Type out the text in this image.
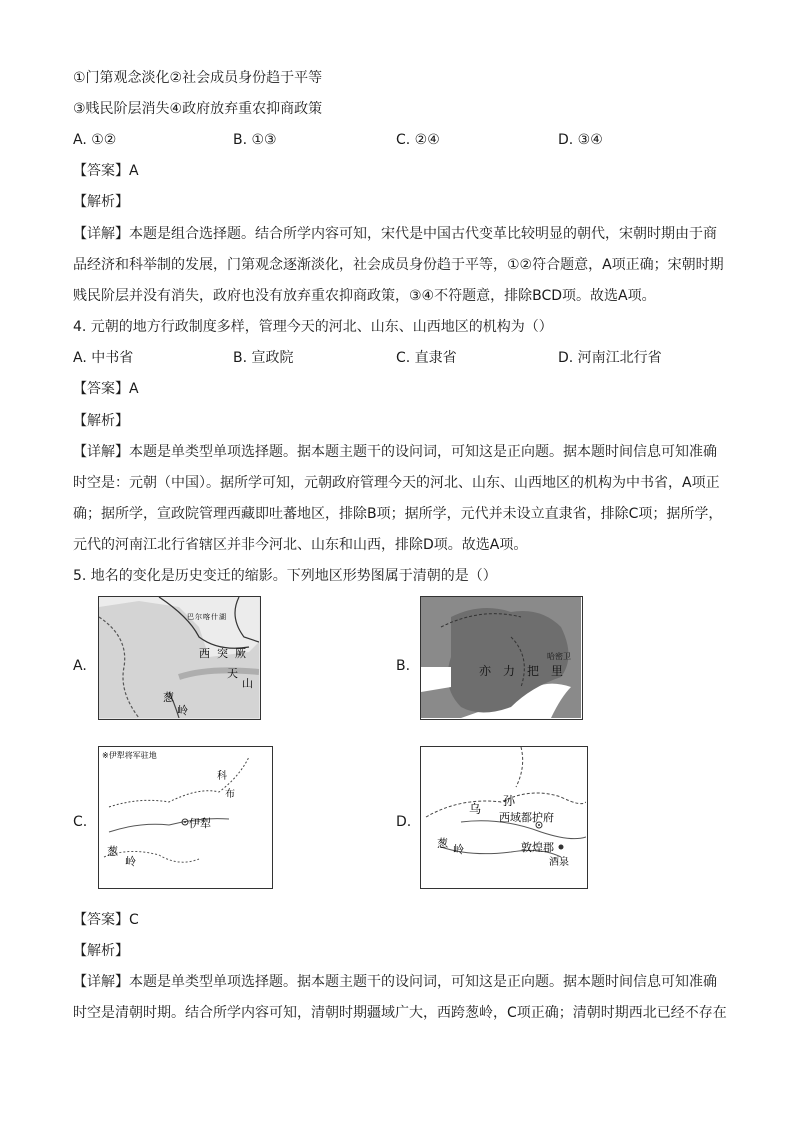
①门第观念淡化②社会成员身份趋于平等
③贱民阶层消失④政府放弃重农抑商政策
A. ①②	B. ①③	C. ②④	D. ③④
【答案】A
【解析】
【详解】本题是组合选择题。结合所学内容可知，宋代是中国古代变革比较明显的朝代，宋朝时期由于商
品经济和科举制的发展，门第观念逐渐淡化，社会成员身份趋于平等，①②符合题意，A项正确；宋朝时期
贱民阶层并没有消失，政府也没有放弃重农抑商政策，③④不符题意，排除BCD项。故选A项。
4. 元朝的地方行政制度多样，管理今天的河北、山东、山西地区的机构为（）
A. 中书省	B. 宣政院	C. 直隶省	D. 河南江北行省
【答案】A
【解析】
【详解】本题是单类型单项选择题。据本题主题干的设问词，可知这是正向题。据本题时间信息可知准确
时空是：元朝（中国）。据所学可知，元朝政府管理今天的河北、山东、山西地区的机构为中书省，A项正
确；据所学，宣政院管理西藏即吐蕃地区，排除B项；据所学，元代并未设立直隶省，排除C项；据所学，
元代的河南江北行省辖区并非今河北、山东和山西，排除D项。故选A项。
5. 地名的变化是历史变迁的缩影。下列地区形势图属于清朝的是（）
A.
西 突 厥
天
山
葱
岭
巴 尔 喀 什 湖
B.	亦 力 把 里
哈密卫
C.
※伊犁将军驻地
伊犁
葱
岭
科
布
D.
乌
孙
西域都护府
葱 岭	敦煌郡
酒泉
【答案】C
【解析】
【详解】本题是单类型单项选择题。据本题主题干的设问词，可知这是正向题。据本题时间信息可知准确
时空是清朝时期。结合所学内容可知，清朝时期疆域广大，西跨葱岭，C项正确；清朝时期西北已经不存在
